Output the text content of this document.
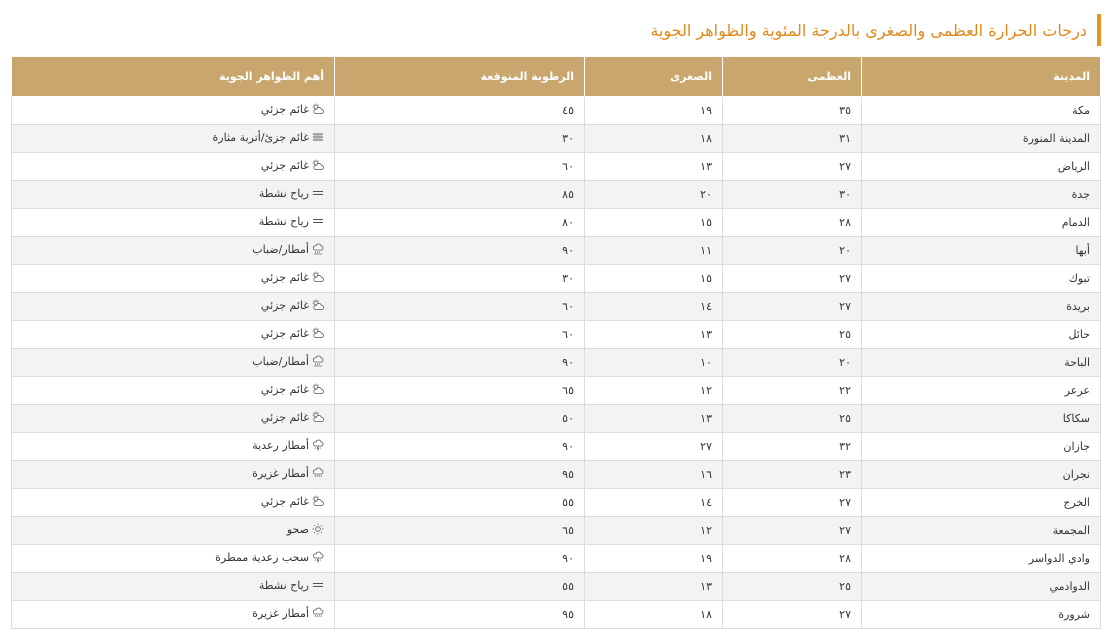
درجات الحرارة العظمى والصغرى بالدرجة المئوية والظواهر الجوية
المدينة	العظمى	الصغرى	الرطوبة المتوقعة	أهم الظواهر الجوية
مكة	٣٥	١٩	٤٥	غائم جزئي

المدينة المنورة	٣١	١٨	٣٠	غائم جزئ/أتربة مثارة

الرياض	٢٧	١٣	٦٠	غائم جزئي

جدة	٣٠	٢٠	٨٥	رياح نشطة

الدمام	٢٨	١٥	٨٠	رياح نشطة

أبها	٢٠	١١	٩٠	أمطار/ضباب

تبوك	٢٧	١٥	٣٠	غائم جزئي

بريدة	٢٧	١٤	٦٠	غائم جزئي

حائل	٢٥	١٣	٦٠	غائم جزئي

الباحة	٢٠	١٠	٩٠	أمطار/ضباب

عرعر	٢٢	١٢	٦٥	غائم جزئي

سكاكا	٢٥	١٣	٥٠	غائم جزئي

جازان	٣٢	٢٧	٩٠	أمطار رعدية

نجران	٢٣	١٦	٩٥	أمطار غزيرة

الخرج	٢٧	١٤	٥٥	غائم جزئي

المجمعة	٢٧	١٢	٦٥	صحو

وادي الدواسر	٢٨	١٩	٩٠	سحب رعدية ممطرة

الدوادمي	٢٥	١٣	٥٥	رياح نشطة

شرورة	٢٧	١٨	٩٥	أمطار غزيرة
